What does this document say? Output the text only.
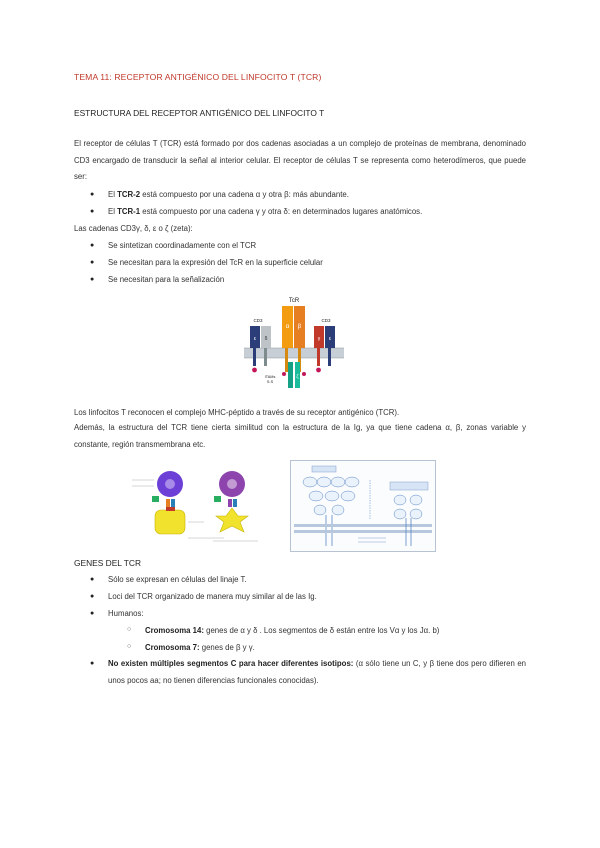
TEMA 11: RECEPTOR ANTIGÉNICO DEL LINFOCITO T (TCR)
ESTRUCTURA DEL RECEPTOR ANTIGÉNICO DEL LINFOCITO T
El receptor de células T (TCR) está formado por dos cadenas asociadas a un complejo de proteínas de membrana, denominado CD3 encargado de transducir la señal al interior celular. El receptor de células T se representa como heterodímeros, que puede ser:
● El TCR-2 está compuesto por una cadena α y otra β: más abundante.
● El TCR-1 está compuesto por una cadena γ y otra δ: en determinados lugares anatómicos.
Las cadenas CD3γ, δ, ε o ζ (zeta):
● Se sintetizan coordinadamente con el TCR
● Se necesitan para la expresión del TcR en la superficie celular
● Se necesitan para la señalización
TcR
CD3	CD3
α β
ε δ	γ ε
ζ
ITAMs
S-S
Los linfocitos T reconocen el complejo MHC-péptido a través de su receptor antigénico (TCR).
Además, la estructura del TCR tiene cierta similitud con la estructura de la Ig, ya que tiene cadena α, β, zonas variable y constante, región transmembrana etc.
GENES DEL TCR
● Sólo se expresan en células del linaje T.
● Loci del TCR organizado de manera muy similar al de las Ig.
● Humanos:
○ Cromosoma 14: genes de α y δ . Los segmentos de δ están entre los Vα y los Jα. b)
○ Cromosoma 7: genes de β y γ.
● No existen múltiples segmentos C para hacer diferentes isotipos: (α sólo tiene un C, y β tiene dos pero difieren en unos pocos aa; no tienen diferencias funcionales conocidas).
